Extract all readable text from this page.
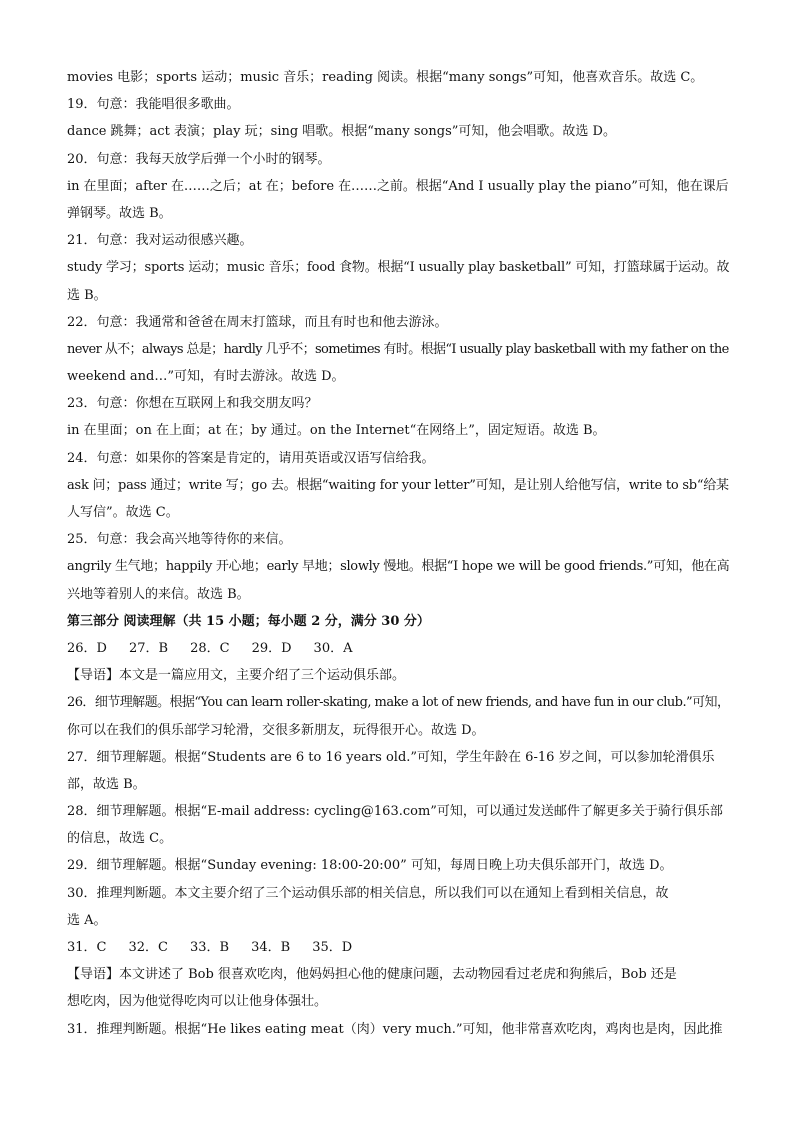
movies 电影；sports 运动；music 音乐；reading 阅读。根据“many songs”可知，他喜欢音乐。故选 C。
19．句意：我能唱很多歌曲。
dance 跳舞；act 表演；play 玩；sing 唱歌。根据“many songs”可知，他会唱歌。故选 D。
20．句意：我每天放学后弹一个小时的钢琴。
in 在里面；after 在……之后；at 在；before 在……之前。根据“And I usually play the piano”可知，他在课后
弹钢琴。故选 B。
21．句意：我对运动很感兴趣。
study 学习；sports 运动；music 音乐；food 食物。根据“I usually play basketball” 可知，打篮球属于运动。故
选 B。
22．句意：我通常和爸爸在周末打篮球，而且有时也和他去游泳。
never 从不；always 总是；hardly 几乎不；sometimes 有时。根据“I usually play basketball with my father on the
weekend and…”可知，有时去游泳。故选 D。
23．句意：你想在互联网上和我交朋友吗？
in 在里面；on 在上面；at 在；by 通过。on the Internet“在网络上”，固定短语。故选 B。
24．句意：如果你的答案是肯定的，请用英语或汉语写信给我。
ask 问；pass 通过；write 写；go 去。根据“waiting for your letter”可知，是让别人给他写信，write to sb“给某
人写信”。故选 C。
25．句意：我会高兴地等待你的来信。
angrily 生气地；happily 开心地；early 早地；slowly 慢地。根据“I hope we will be good friends.”可知，他在高
兴地等着别人的来信。故选 B。
第三部分 阅读理解（共 15 小题；每小题 2 分，满分 30 分）
26．D 27．B 28．C 29．D 30．A
【导语】本文是一篇应用文，主要介绍了三个运动俱乐部。
26．细节理解题。根据“You can learn roller-skating, make a lot of new friends, and have fun in our club.”可知，
你可以在我们的俱乐部学习轮滑，交很多新朋友，玩得很开心。故选 D。
27．细节理解题。根据“Students are 6 to 16 years old.”可知，学生年龄在 6-16 岁之间，可以参加轮滑俱乐
部，故选 B。
28．细节理解题。根据“E-mail address: cycling@163.com”可知，可以通过发送邮件了解更多关于骑行俱乐部
的信息，故选 C。
29．细节理解题。根据“Sunday evening: 18:00-20:00” 可知，每周日晚上功夫俱乐部开门，故选 D。
30．推理判断题。本文主要介绍了三个运动俱乐部的相关信息，所以我们可以在通知上看到相关信息，故
选 A。
31．C 32．C 33．B 34．B 35．D
【导语】本文讲述了 Bob 很喜欢吃肉，他妈妈担心他的健康问题，去动物园看过老虎和狗熊后，Bob 还是
想吃肉，因为他觉得吃肉可以让他身体强壮。
31．推理判断题。根据“He likes eating meat（肉）very much.”可知，他非常喜欢吃肉，鸡肉也是肉，因此推
